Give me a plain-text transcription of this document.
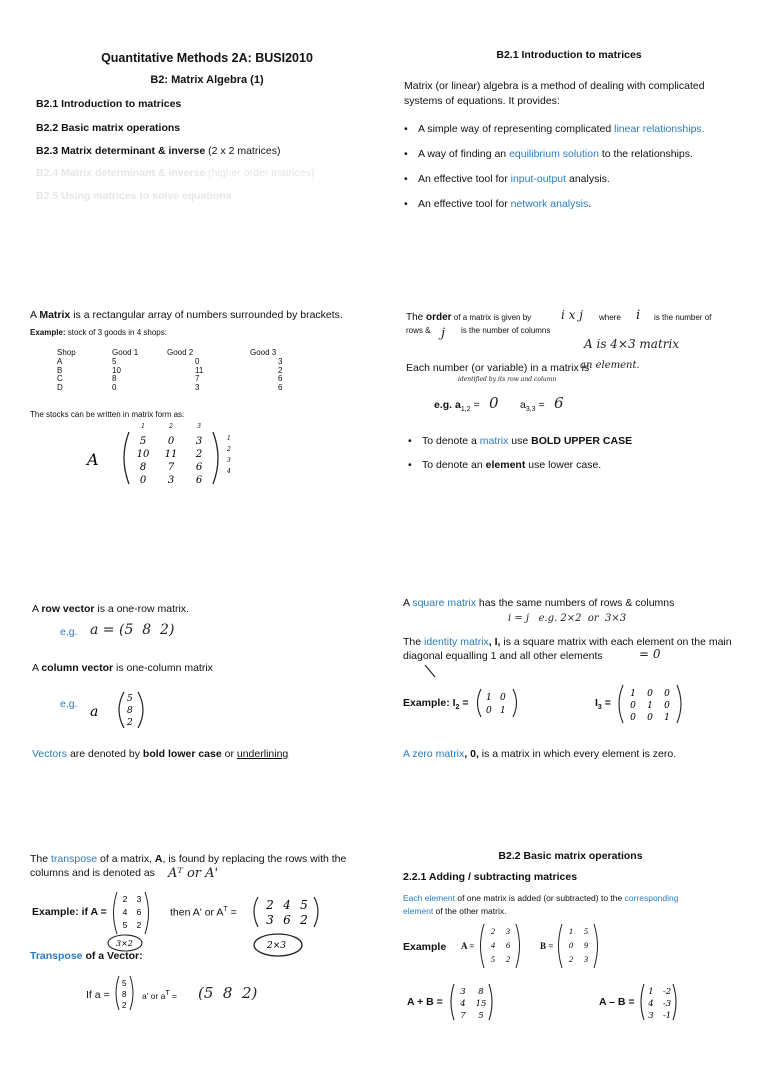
Quantitative Methods 2A: BUSI2010
B2: Matrix Algebra (1)
B2.1 Introduction to matrices
B2.2 Basic matrix operations
B2.3 Matrix determinant & inverse (2 x 2 matrices)
B2.4 Matrix determinant & inverse (higher order matrices)
B2.5 Using matrices to solve equations
B2.1 Introduction to matrices
Matrix (or linear) algebra is a method of dealing with complicated systems of equations. It provides:
• A simple way of representing complicated linear relationships.
• A way of finding an equilibrium solution to the relationships.
• An effective tool for input-output analysis.
• An effective tool for network analysis.
A Matrix is a rectangular array of numbers surrounded by brackets.
Example: stock of 3 goods in 4 shops:
Shop	Good 1	Good 2	Good 3
A	5	0	3
B	10	11	2
C	8	7	6
D	0	3	6
The stocks can be written in matrix form as:
A
5 0 3
10 11 2
8 7 6
0 3 6
1	2	3
1
2
3
4
The order of a matrix is given by	i x j where i is the number of
rows & j is the number of columns
A is 4×3 matrix
Each number (or variable) in a matrix is
an element.
identified by its row and column
e.g. $a_{1,2} = 0$ $a_{3,3} = 6$
• To denote a matrix use BOLD UPPER CASE
• To denote an element use lower case.
A row vector is a one-row matrix.
e.g. a = (5  8  2)
A column vector is one-column matrix
e.g. a
5
8
2
Vectors are denoted by bold lower case or underlining
A square matrix has the same numbers of rows & columns
i = j   e.g. 2×2  or  3×3
The identity matrix, I, is a square matrix with each element on the main diagonal equalling 1 and all other elements	= 0
Example: $I_2 = 1$ 0
0 1
$I_3$ =
1 0 0
0 1 0
0 0 1
A zero matrix, 0, is a matrix in which every element is zero.
The transpose of a matrix, A, is found by replacing the rows with the columns and is denoted as	Aᵀ or A'
Example: if A =
2 3
4 6
5 2
3×2
then A' or $A^T$ =
2 4 5
3 6 2
2×3
Transpose of a Vector:
If a =
5
8
2
a' or $a^T = (5$  8  2)
B2.2 Basic matrix operations
2.2.1 Adding / subtracting matrices
Each element of one matrix is added (or subtracted) to the corresponding
element of the other matrix.
Example A =
2 3
4 6
5 2
B =
1 5
0 9
2 3
A + B =
3 8
4 15
7 5
A – B =
1 -2
4 -3
3 -1
